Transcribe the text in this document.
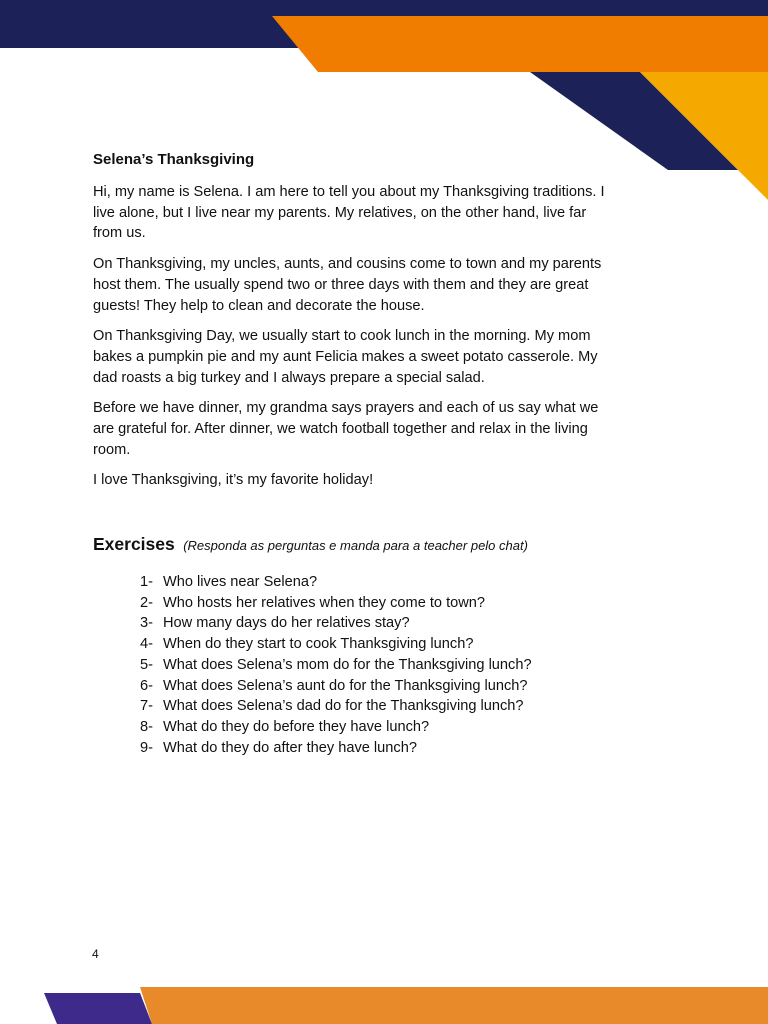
Selena’s Thanksgiving

Hi, my name is Selena. I am here to tell you about my Thanksgiving traditions. I live alone, but I live near my parents. My relatives, on the other hand, live far from us.

On Thanksgiving, my uncles, aunts, and cousins come to town and my parents host them. The usually spend two or three days with them and they are great guests! They help to clean and decorate the house.

On Thanksgiving Day, we usually start to cook lunch in the morning. My mom bakes a pumpkin pie and my aunt Felicia makes a sweet potato casserole. My dad roasts a big turkey and I always prepare a special salad.

Before we have dinner, my grandma says prayers and each of us say what we are grateful for. After dinner, we watch football together and relax in the living room.

I love Thanksgiving, it’s my favorite holiday!

Exercises (Responda as perguntas e manda para a teacher pelo chat)
1- Who lives near Selena?
2- Who hosts her relatives when they come to town?
3- How many days do her relatives stay?
4- When do they start to cook Thanksgiving lunch?
5- What does Selena’s mom do for the Thanksgiving lunch?
6- What does Selena’s aunt do for the Thanksgiving lunch?
7- What does Selena’s dad do for the Thanksgiving lunch?
8- What do they do before they have lunch?
9- What do they do after they have lunch?
4
